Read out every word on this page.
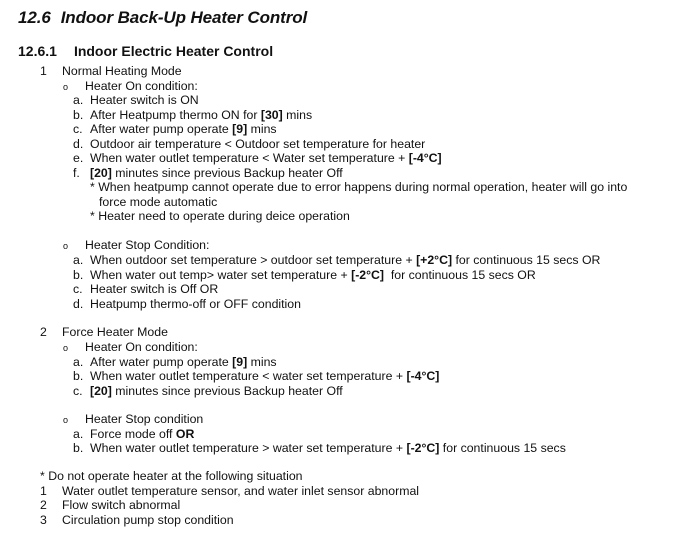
12.6 Indoor Back-Up Heater Control
12.6.1 Indoor Electric Heater Control
1 Normal Heating Mode
o Heater On condition:
a. Heater switch is ON
b. After Heatpump thermo ON for [30] mins
c. After water pump operate [9] mins
d. Outdoor air temperature < Outdoor set temperature for heater
e. When water outlet temperature < Water set temperature + [-4°C]
f. [20] minutes since previous Backup heater Off
* When heatpump cannot operate due to error happens during normal operation, heater will go into
force mode automatic
* Heater need to operate during deice operation
o Heater Stop Condition:
a. When outdoor set temperature > outdoor set temperature + [+2°C] for continuous 15 secs OR
b. When water out temp> water set temperature + [-2°C]  for continuous 15 secs OR
c. Heater switch is Off OR
d. Heatpump thermo-off or OFF condition
2 Force Heater Mode
o Heater On condition:
a. After water pump operate [9] mins
b. When water outlet temperature < water set temperature + [-4°C]
c. [20] minutes since previous Backup heater Off
o Heater Stop condition
a. Force mode off OR
b. When water outlet temperature > water set temperature + [-2°C] for continuous 15 secs
* Do not operate heater at the following situation
1 Water outlet temperature sensor, and water inlet sensor abnormal
2 Flow switch abnormal
3 Circulation pump stop condition
